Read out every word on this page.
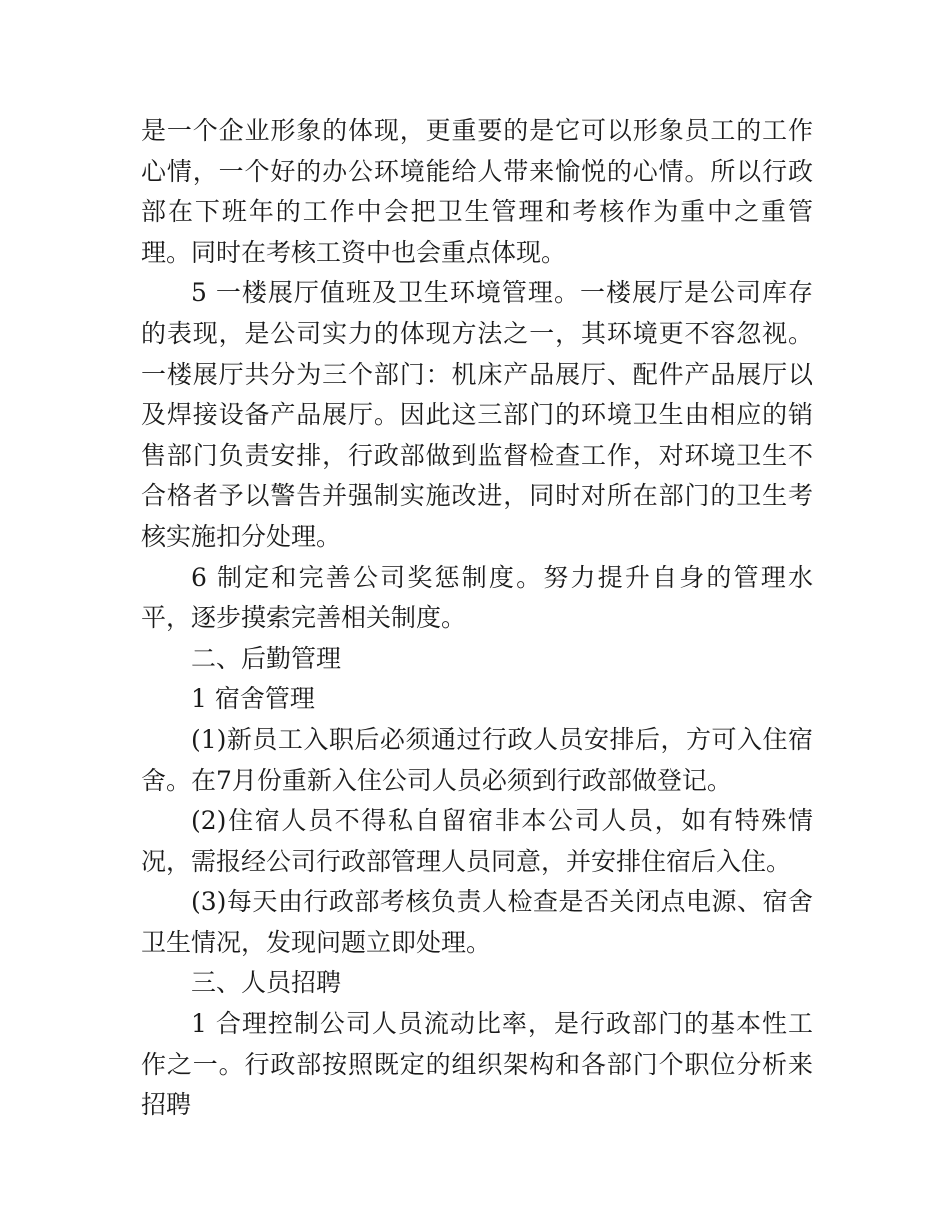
是一个企业形象的体现，更重要的是它可以形象员工的工作心情，一个好的办公环境能给人带来愉悦的心情。所以行政部在下班年的工作中会把卫生管理和考核作为重中之重管理。同时在考核工资中也会重点体现。

5 一楼展厅值班及卫生环境管理。一楼展厅是公司库存的表现，是公司实力的体现方法之一，其环境更不容忽视。一楼展厅共分为三个部门：机床产品展厅、配件产品展厅以及焊接设备产品展厅。因此这三部门的环境卫生由相应的销售部门负责安排，行政部做到监督检查工作，对环境卫生不合格者予以警告并强制实施改进，同时对所在部门的卫生考核实施扣分处理。

6 制定和完善公司奖惩制度。努力提升自身的管理水平，逐步摸索完善相关制度。

二、后勤管理

1 宿舍管理

(1)新员工入职后必须通过行政人员安排后，方可入住宿舍。在7月份重新入住公司人员必须到行政部做登记。

(2)住宿人员不得私自留宿非本公司人员，如有特殊情况，需报经公司行政部管理人员同意，并安排住宿后入住。

(3)每天由行政部考核负责人检查是否关闭点电源、宿舍卫生情况，发现问题立即处理。

三、人员招聘

1 合理控制公司人员流动比率，是行政部门的基本性工作之一。行政部按照既定的组织架构和各部门个职位分析来招聘
